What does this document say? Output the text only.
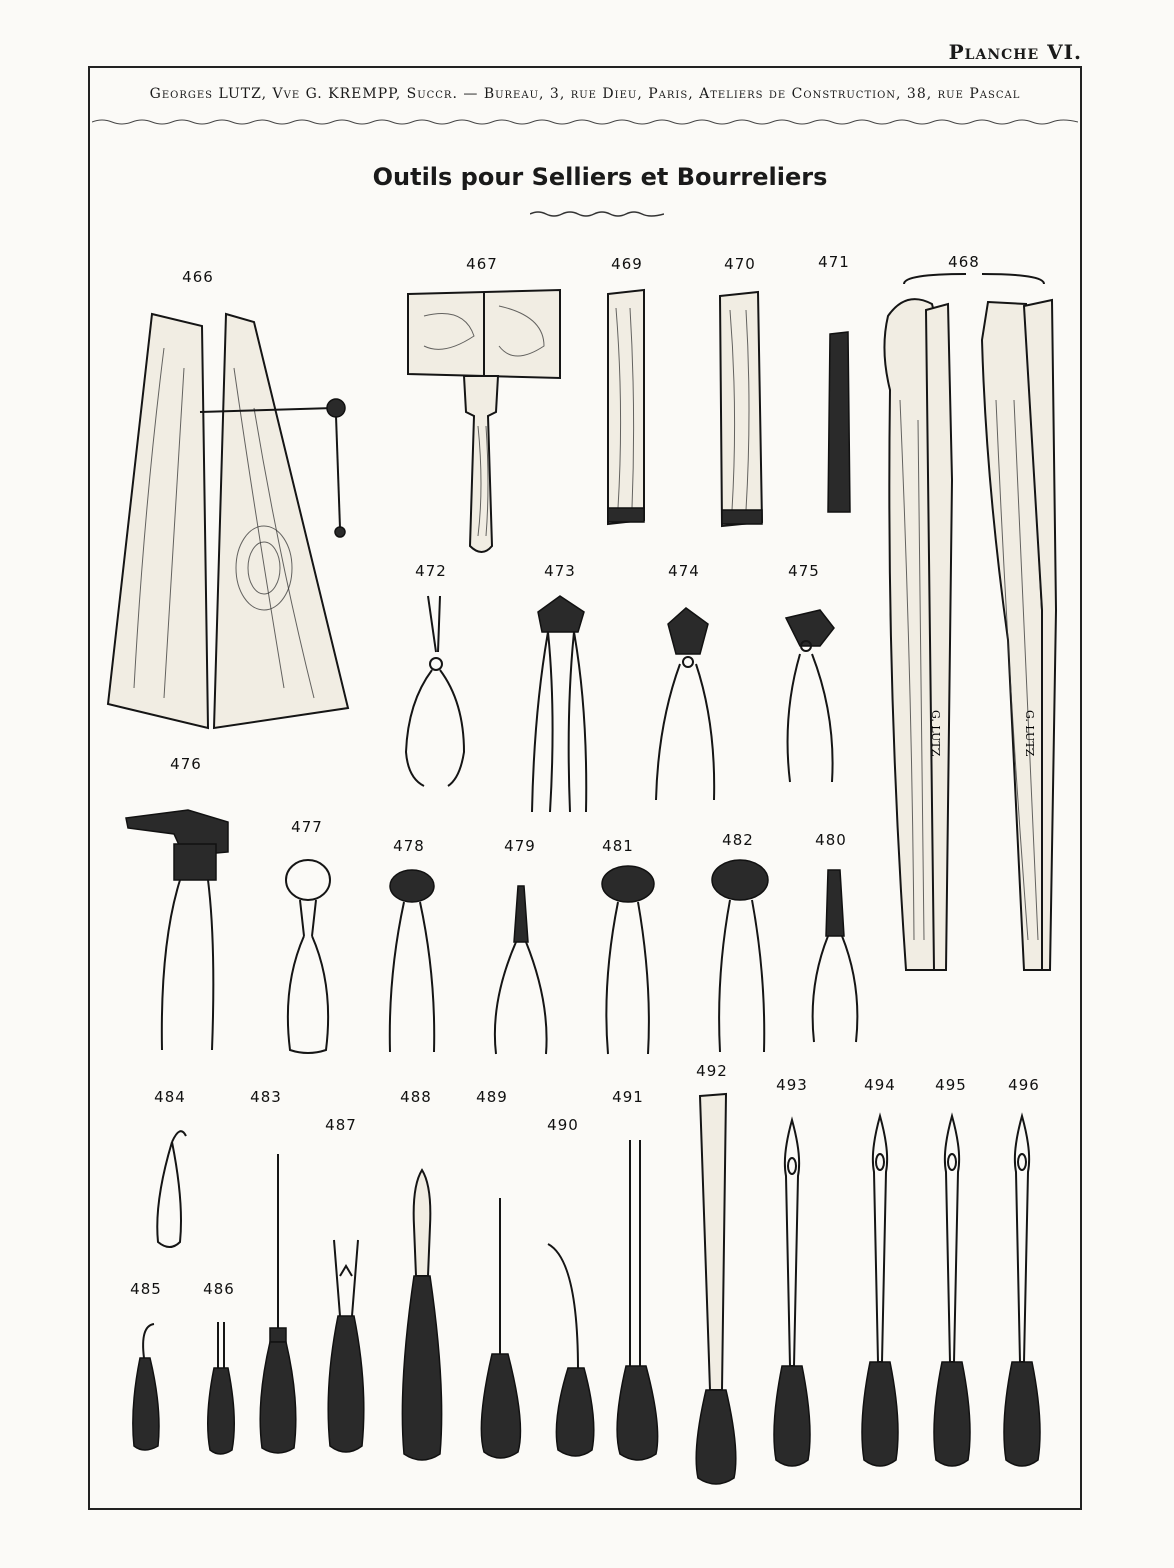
Planche VI.
Georges LUTZ, Vve G. KREMPP, Succr. — Bureau, 3, rue Dieu, Paris, Ateliers de Construction, 38, rue Pascal
Outils pour Selliers et Bourreliers
466
467	469	470	471	468
472	473	474	475
476
477
478	479	481	482	480
484	483
487
488	489
490
491
492
493	494	495	496
485	486
G. LUTZ	G. LUTZ
